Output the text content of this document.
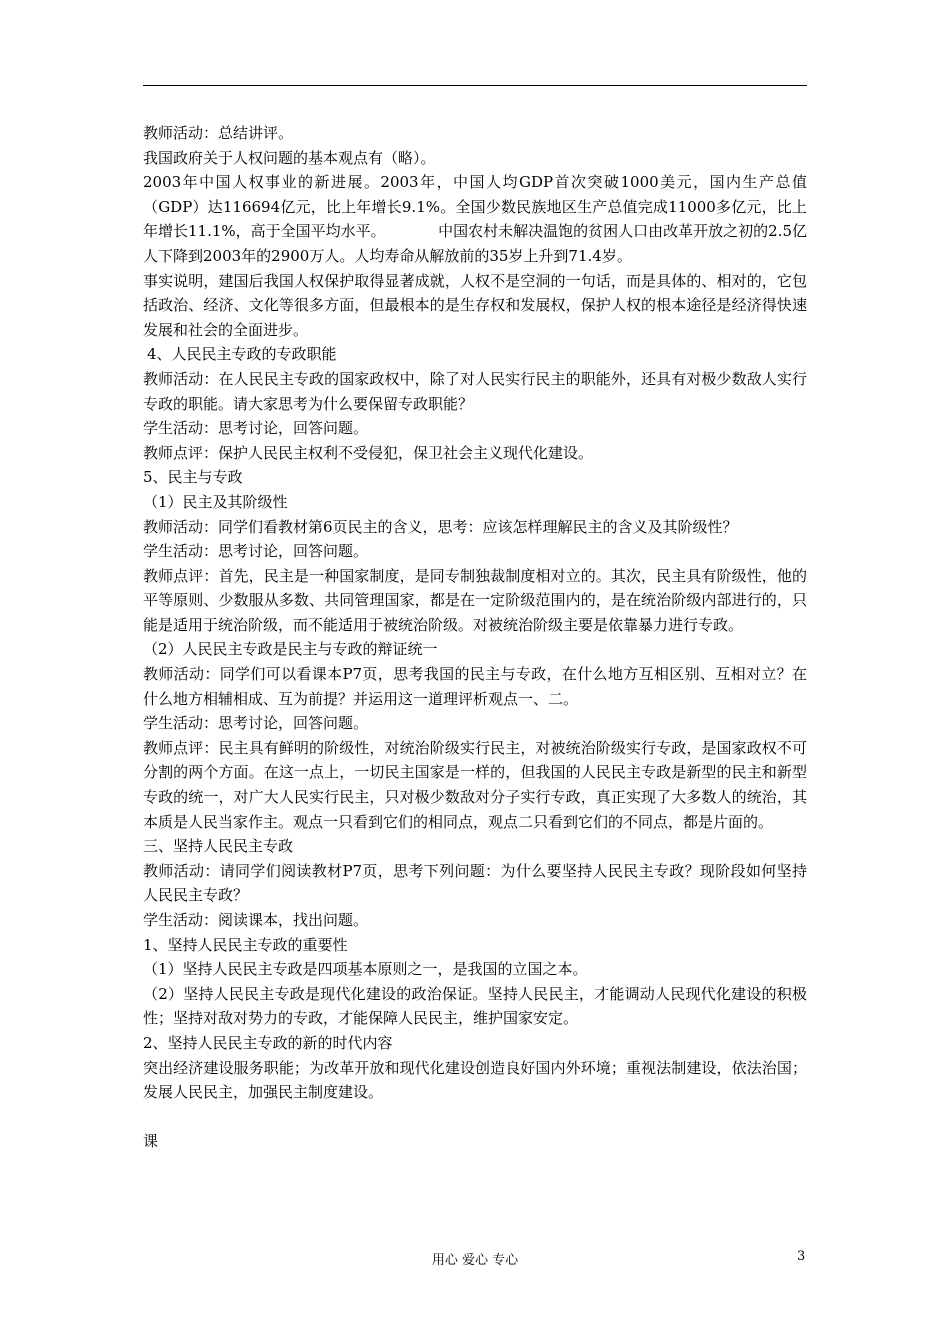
教师活动：总结讲评。

我国政府关于人权问题的基本观点有（略）。

2003年中国人权事业的新进展。2003年，中国人均GDP首次突破1000美元，国内生产总值（GDP）达116694亿元，比上年增长9.1%。全国少数民族地区生产总值完成11000多亿元，比上年增长11.1%，高于全国平均水平。　　　　中国农村未解决温饱的贫困人口由改革开放之初的2.5亿人下降到2003年的2900万人。人均寿命从解放前的35岁上升到71.4岁。

事实说明，建国后我国人权保护取得显著成就，人权不是空洞的一句话，而是具体的、相对的，它包括政治、经济、文化等很多方面，但最根本的是生存权和发展权，保护人权的根本途径是经济得快速发展和社会的全面进步。

4、人民民主专政的专政职能

教师活动：在人民民主专政的国家政权中，除了对人民实行民主的职能外，还具有对极少数敌人实行专政的职能。请大家思考为什么要保留专政职能？

学生活动：思考讨论，回答问题。

教师点评：保护人民民主权利不受侵犯，保卫社会主义现代化建设。

5、民主与专政

（1）民主及其阶级性

教师活动：同学们看教材第6页民主的含义，思考：应该怎样理解民主的含义及其阶级性？

学生活动：思考讨论，回答问题。

教师点评：首先，民主是一种国家制度，是同专制独裁制度相对立的。其次，民主具有阶级性，他的平等原则、少数服从多数、共同管理国家，都是在一定阶级范围内的，是在统治阶级内部进行的，只能是适用于统治阶级，而不能适用于被统治阶级。对被统治阶级主要是依靠暴力进行专政。

（2）人民民主专政是民主与专政的辩证统一

教师活动：同学们可以看课本P7页，思考我国的民主与专政，在什么地方互相区别、互相对立？在什么地方相辅相成、互为前提？并运用这一道理评析观点一、二。

学生活动：思考讨论，回答问题。

教师点评：民主具有鲜明的阶级性，对统治阶级实行民主，对被统治阶级实行专政，是国家政权不可分割的两个方面。在这一点上，一切民主国家是一样的，但我国的人民民主专政是新型的民主和新型专政的统一，对广大人民实行民主，只对极少数敌对分子实行专政，真正实现了大多数人的统治，其本质是人民当家作主。观点一只看到它们的相同点，观点二只看到它们的不同点，都是片面的。

三、坚持人民民主专政

教师活动：请同学们阅读教材P7页，思考下列问题：为什么要坚持人民民主专政？现阶段如何坚持人民民主专政？

学生活动：阅读课本，找出问题。

1、坚持人民民主专政的重要性

（1）坚持人民民主专政是四项基本原则之一，是我国的立国之本。

（2）坚持人民民主专政是现代化建设的政治保证。坚持人民民主，才能调动人民现代化建设的积极性；坚持对敌对势力的专政，才能保障人民民主，维护国家安定。

2、坚持人民民主专政的新的时代内容

突出经济建设服务职能；为改革开放和现代化建设创造良好国内外环境；重视法制建设，依法治国；发展人民民主，加强民主制度建设。

课

用心 爱心 专心	3
